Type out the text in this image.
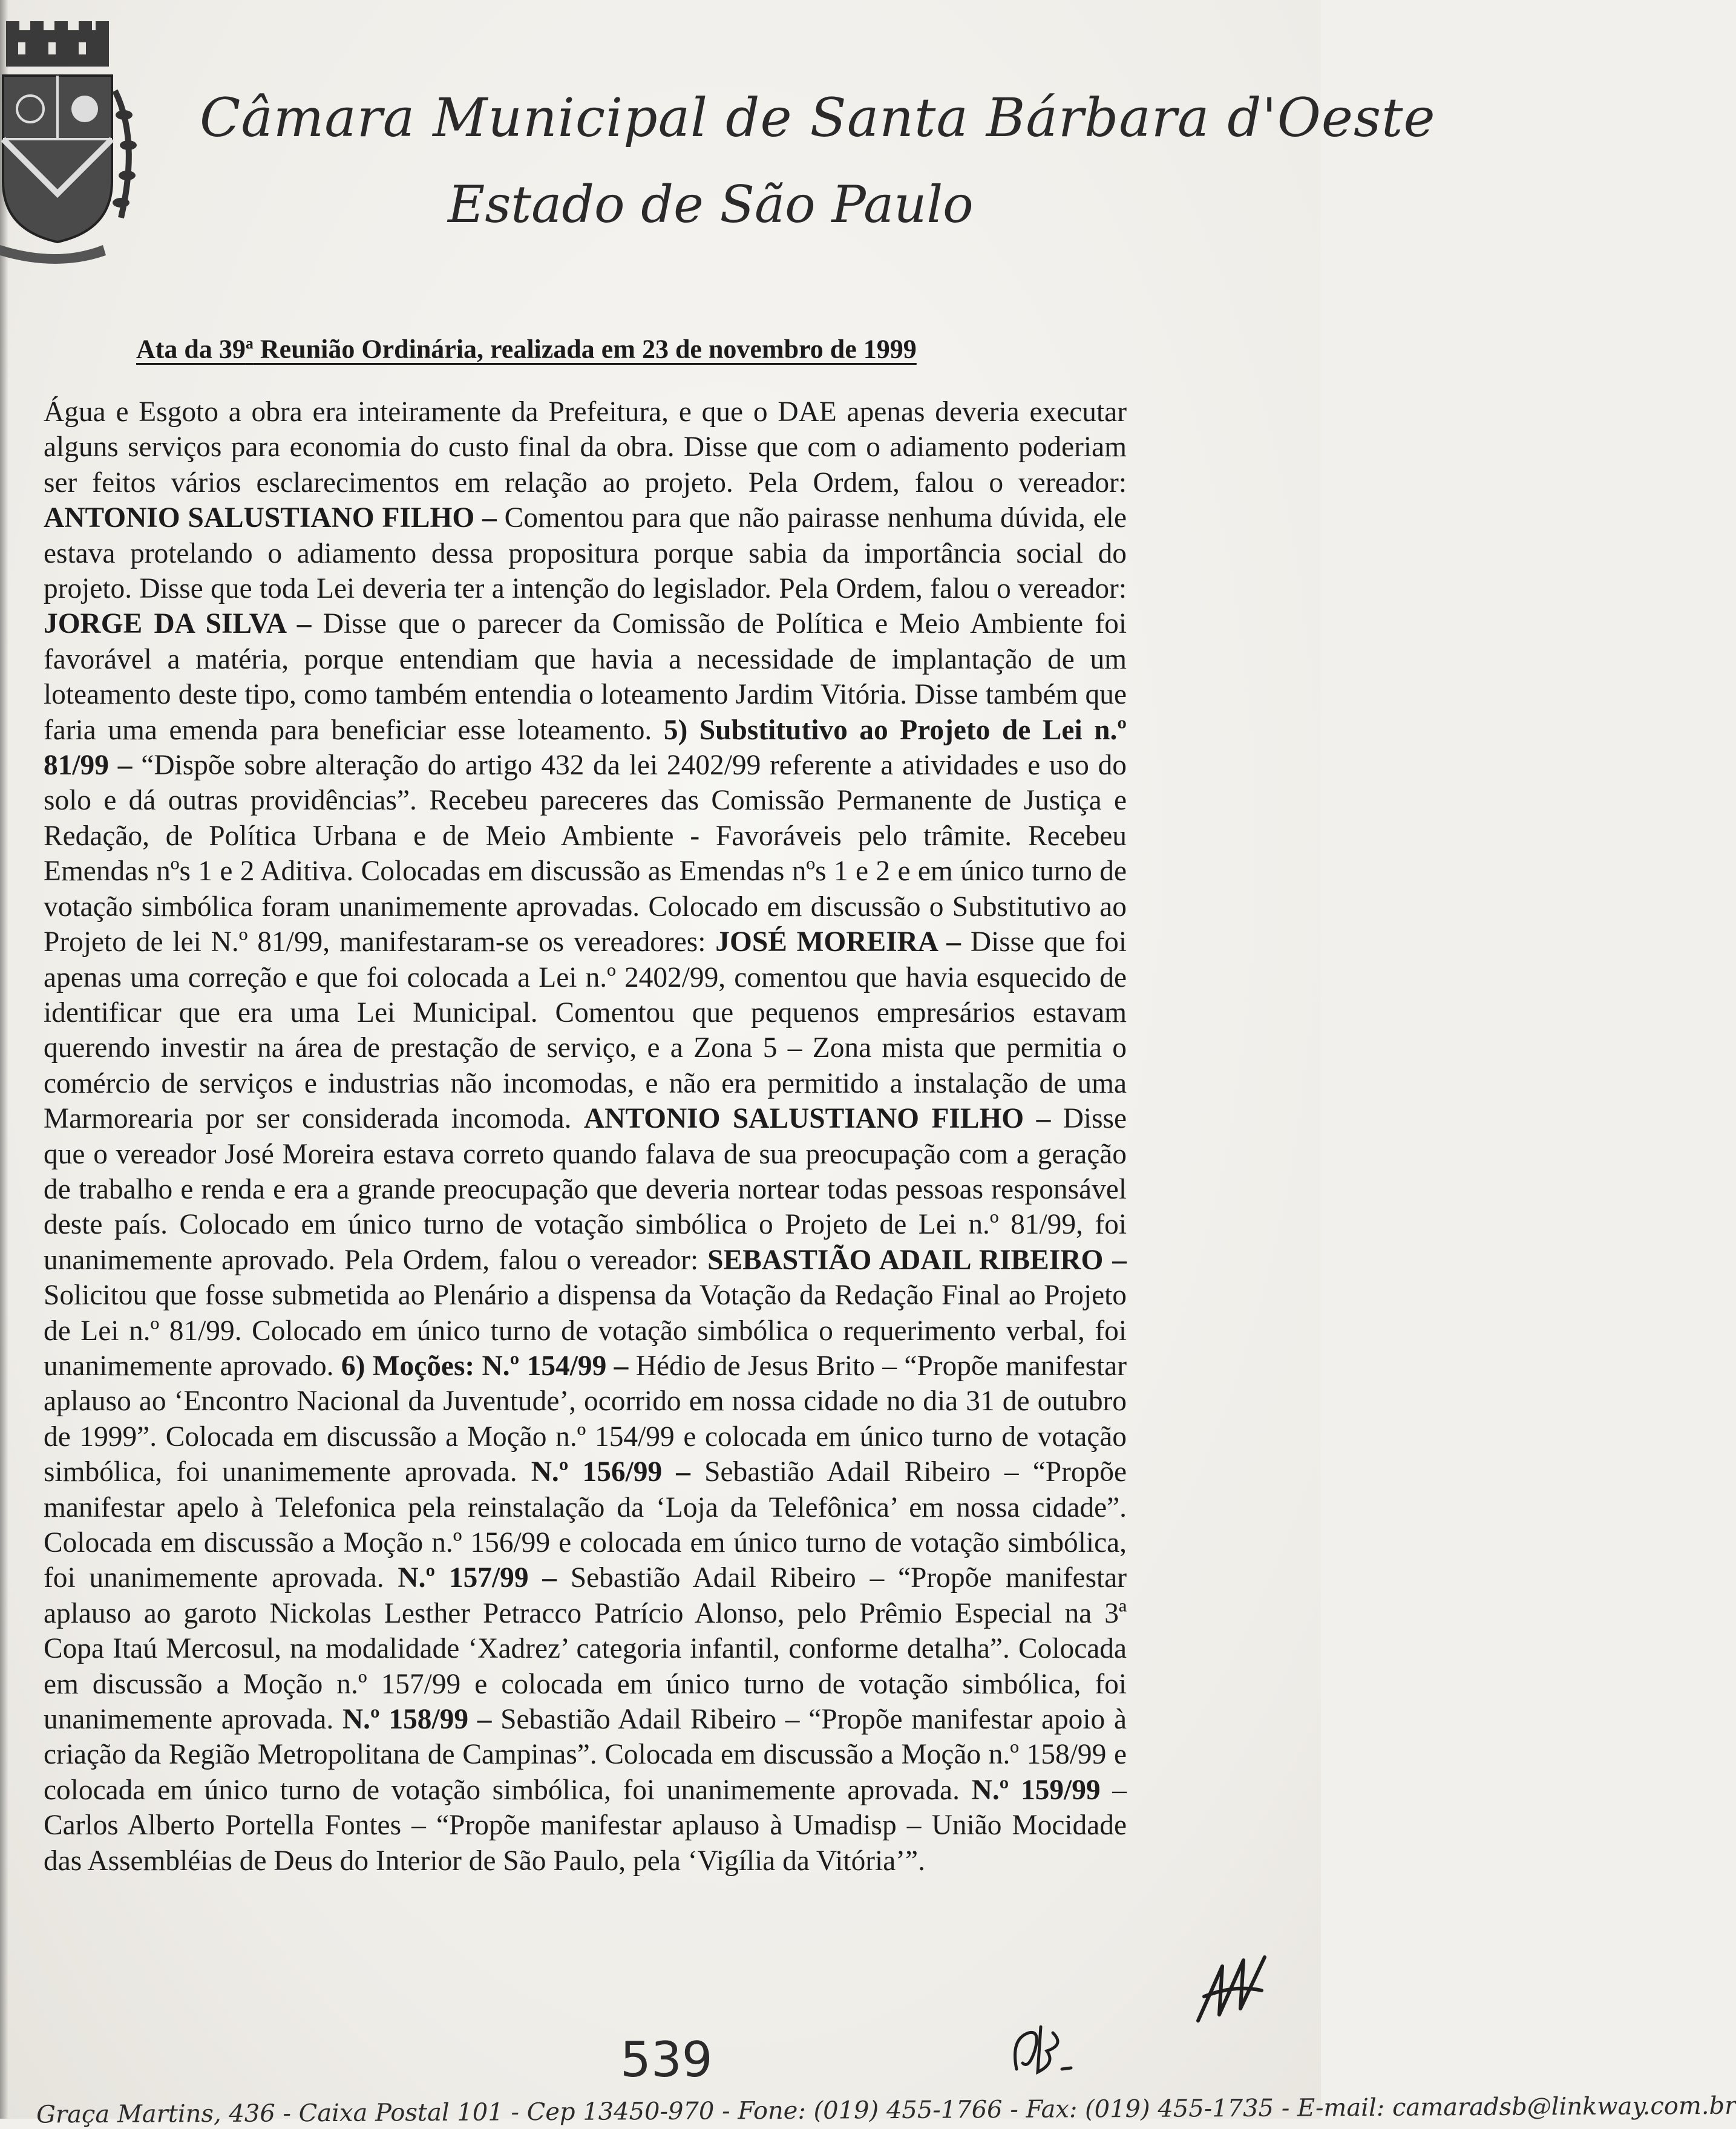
Câmara Municipal de Santa Bárbara d'Oeste
Estado de São Paulo
Ata da 39$^a$ Reunião Ordinária, realizada em 23 de novembro de 1999
Água e Esgoto a obra era inteiramente da Prefeitura, e que o DAE apenas deveria executar alguns serviços para economia do custo final da obra. Disse que com o adiamento poderiam ser feitos vários esclarecimentos em relação ao projeto. Pela Ordem, falou o vereador: ANTONIO SALUSTIANO FILHO – Comentou para que não pairasse nenhuma dúvida, ele estava protelando o adiamento dessa propositura porque sabia da importância social do projeto. Disse que toda Lei deveria ter a intenção do legislador. Pela Ordem, falou o vereador: JORGE DA SILVA – Disse que o parecer da Comissão de Política e Meio Ambiente foi favorável a matéria, porque entendiam que havia a necessidade de implantação de um loteamento deste tipo, como também entendia o loteamento Jardim Vitória. Disse também que faria uma emenda para beneficiar esse loteamento. 5) Substitutivo ao Projeto de Lei n.º 81/99 – “Dispõe sobre alteração do artigo 432 da lei 2402/99 referente a atividades e uso do solo e dá outras providências”. Recebeu pareceres das Comissão Permanente de Justiça e Redação, de Política Urbana e de Meio Ambiente - Favoráveis pelo trâmite. Recebeu Emendas nºs 1 e 2 Aditiva. Colocadas em discussão as Emendas nºs 1 e 2 e em único turno de votação simbólica foram unanimemente aprovadas. Colocado em discussão o Substitutivo ao Projeto de lei N.º 81/99, manifestaram-se os vereadores: JOSÉ MOREIRA – Disse que foi apenas uma correção e que foi colocada a Lei n.º 2402/99, comentou que havia esquecido de identificar que era uma Lei Municipal. Comentou que pequenos empresários estavam querendo investir na área de prestação de serviço, e a Zona 5 – Zona mista que permitia o comércio de serviços e industrias não incomodas, e não era permitido a instalação de uma Marmorearia por ser considerada incomoda. ANTONIO SALUSTIANO FILHO – Disse que o vereador José Moreira estava correto quando falava de sua preocupação com a geração de trabalho e renda e era a grande preocupação que deveria nortear todas pessoas responsável deste país. Colocado em único turno de votação simbólica o Projeto de Lei n.º 81/99, foi unanimemente aprovado. Pela Ordem, falou o vereador: SEBASTIÃO ADAIL RIBEIRO – Solicitou que fosse submetida ao Plenário a dispensa da Votação da Redação Final ao Projeto de Lei n.º 81/99. Colocado em único turno de votação simbólica o requerimento verbal, foi unanimemente aprovado. 6) Moções: N.º 154/99 – Hédio de Jesus Brito – “Propõe manifestar aplauso ao ‘Encontro Nacional da Juventude’, ocorrido em nossa cidade no dia 31 de outubro de 1999”. Colocada em discussão a Moção n.º 154/99 e colocada em único turno de votação simbólica, foi unanimemente aprovada. N.º 156/99 – Sebastião Adail Ribeiro – “Propõe manifestar apelo à Telefonica pela reinstalação da ‘Loja da Telefônica’ em nossa cidade”. Colocada em discussão a Moção n.º 156/99 e colocada em único turno de votação simbólica, foi unanimemente aprovada. N.º 157/99 – Sebastião Adail Ribeiro – “Propõe manifestar aplauso ao garoto Nickolas Lesther Petracco Patrício Alonso, pelo Prêmio Especial na 3ª Copa Itaú Mercosul, na modalidade ‘Xadrez’ categoria infantil, conforme detalha”. Colocada em discussão a Moção n.º 157/99 e colocada em único turno de votação simbólica, foi unanimemente aprovada. N.º 158/99 – Sebastião Adail Ribeiro – “Propõe manifestar apoio à criação da Região Metropolitana de Campinas”. Colocada em discussão a Moção n.º 158/99 e colocada em único turno de votação simbólica, foi unanimemente aprovada. N.º 159/99 – Carlos Alberto Portella Fontes – “Propõe manifestar aplauso à Umadisp – União Mocidade das Assembléias de Deus do Interior de São Paulo, pela ‘Vigília da Vitória’”.
539
Graça Martins, 436 - Caixa Postal 101 - Cep 13450-970 - Fone: (019) 455-1766 - Fax: (019) 455-1735 - E-mail: camaradsb@linkway.com.br
